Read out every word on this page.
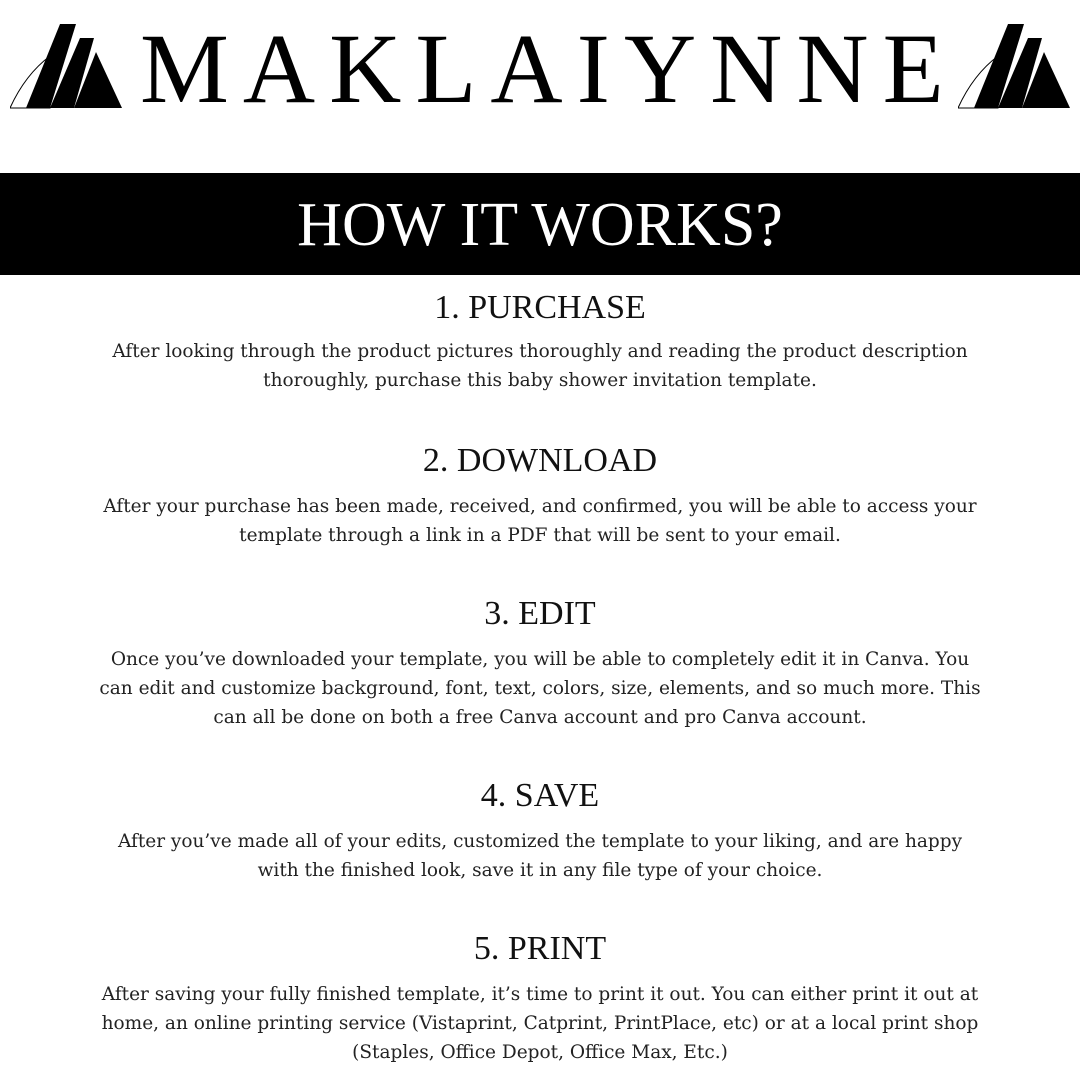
MAKLAIYNNE
HOW IT WORKS?
1. PURCHASE
After looking through the product pictures thoroughly and reading the product description
thoroughly, purchase this baby shower invitation template.
2. DOWNLOAD
After your purchase has been made, received, and confirmed, you will be able to access your
template through a link in a PDF that will be sent to your email.
3. EDIT
Once you’ve downloaded your template, you will be able to completely edit it in Canva. You
can edit and customize background, font, text, colors, size, elements, and so much more. This
can all be done on both a free Canva account and pro Canva account.
4. SAVE
After you’ve made all of your edits, customized the template to your liking, and are happy
with the finished look, save it in any file type of your choice.
5. PRINT
After saving your fully finished template, it’s time to print it out. You can either print it out at
home, an online printing service (Vistaprint, Catprint, PrintPlace, etc) or at a local print shop
(Staples, Office Depot, Office Max, Etc.)
